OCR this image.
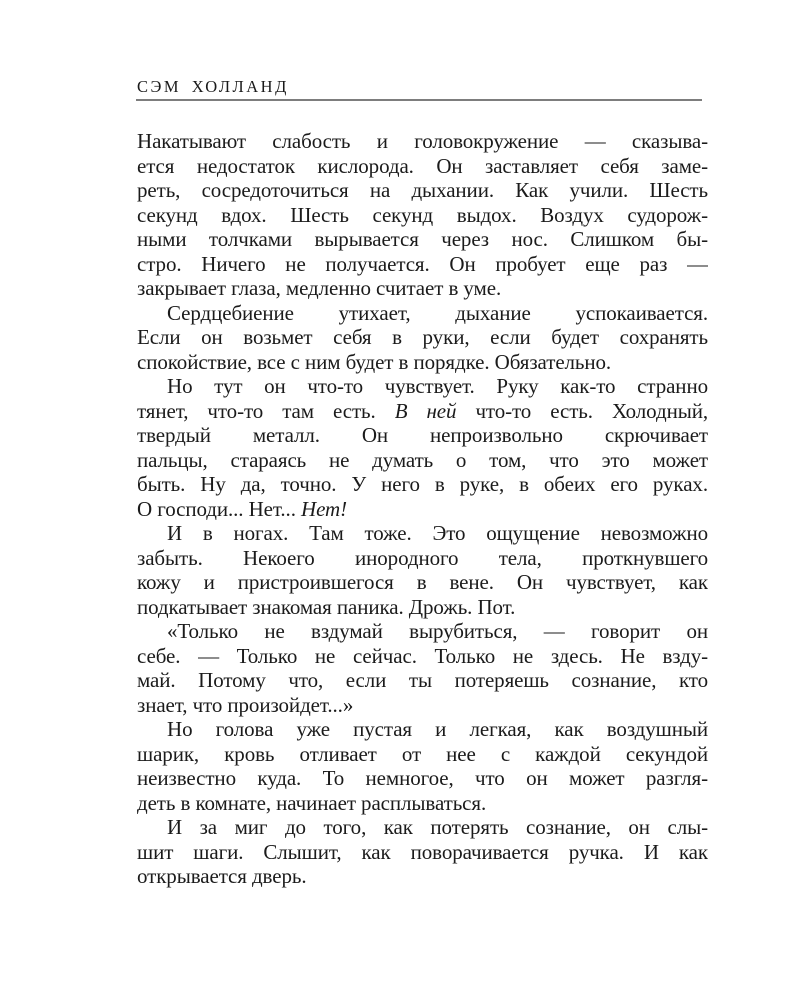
СЭМ ХОЛЛАНД
Накатывают слабость и головокружение — сказыва-
ется недостаток кислорода. Он заставляет себя заме-
реть, сосредоточиться на дыхании. Как учили. Шесть
секунд вдох. Шесть секунд выдох. Воздух судорож-
ными толчками вырывается через нос. Слишком бы-
стро. Ничего не получается. Он пробует еще раз —
закрывает глаза, медленно считает в уме.
Сердцебиение утихает, дыхание успокаивается.
Если он возьмет себя в руки, если будет сохранять
спокойствие, все с ним будет в порядке. Обязательно.
Но тут он что-то чувствует. Руку как-то странно
тянет, что-то там есть. В ней что-то есть. Холодный,
твердый металл. Он непроизвольно скрючивает
пальцы, стараясь не думать о том, что это может
быть. Ну да, точно. У него в руке, в обеих его руках.
О господи... Нет... Нет!
И в ногах. Там тоже. Это ощущение невозможно
забыть. Некоего инородного тела, проткнувшего
кожу и пристроившегося в вене. Он чувствует, как
подкатывает знакомая паника. Дрожь. Пот.
«Только не вздумай вырубиться, — говорит он
себе. — Только не сейчас. Только не здесь. Не взду-
май. Потому что, если ты потеряешь сознание, кто
знает, что произойдет...»
Но голова уже пустая и легкая, как воздушный
шарик, кровь отливает от нее с каждой секундой
неизвестно куда. То немногое, что он может разгля-
деть в комнате, начинает расплываться.
И за миг до того, как потерять сознание, он слы-
шит шаги. Слышит, как поворачивается ручка. И как
открывается дверь.
